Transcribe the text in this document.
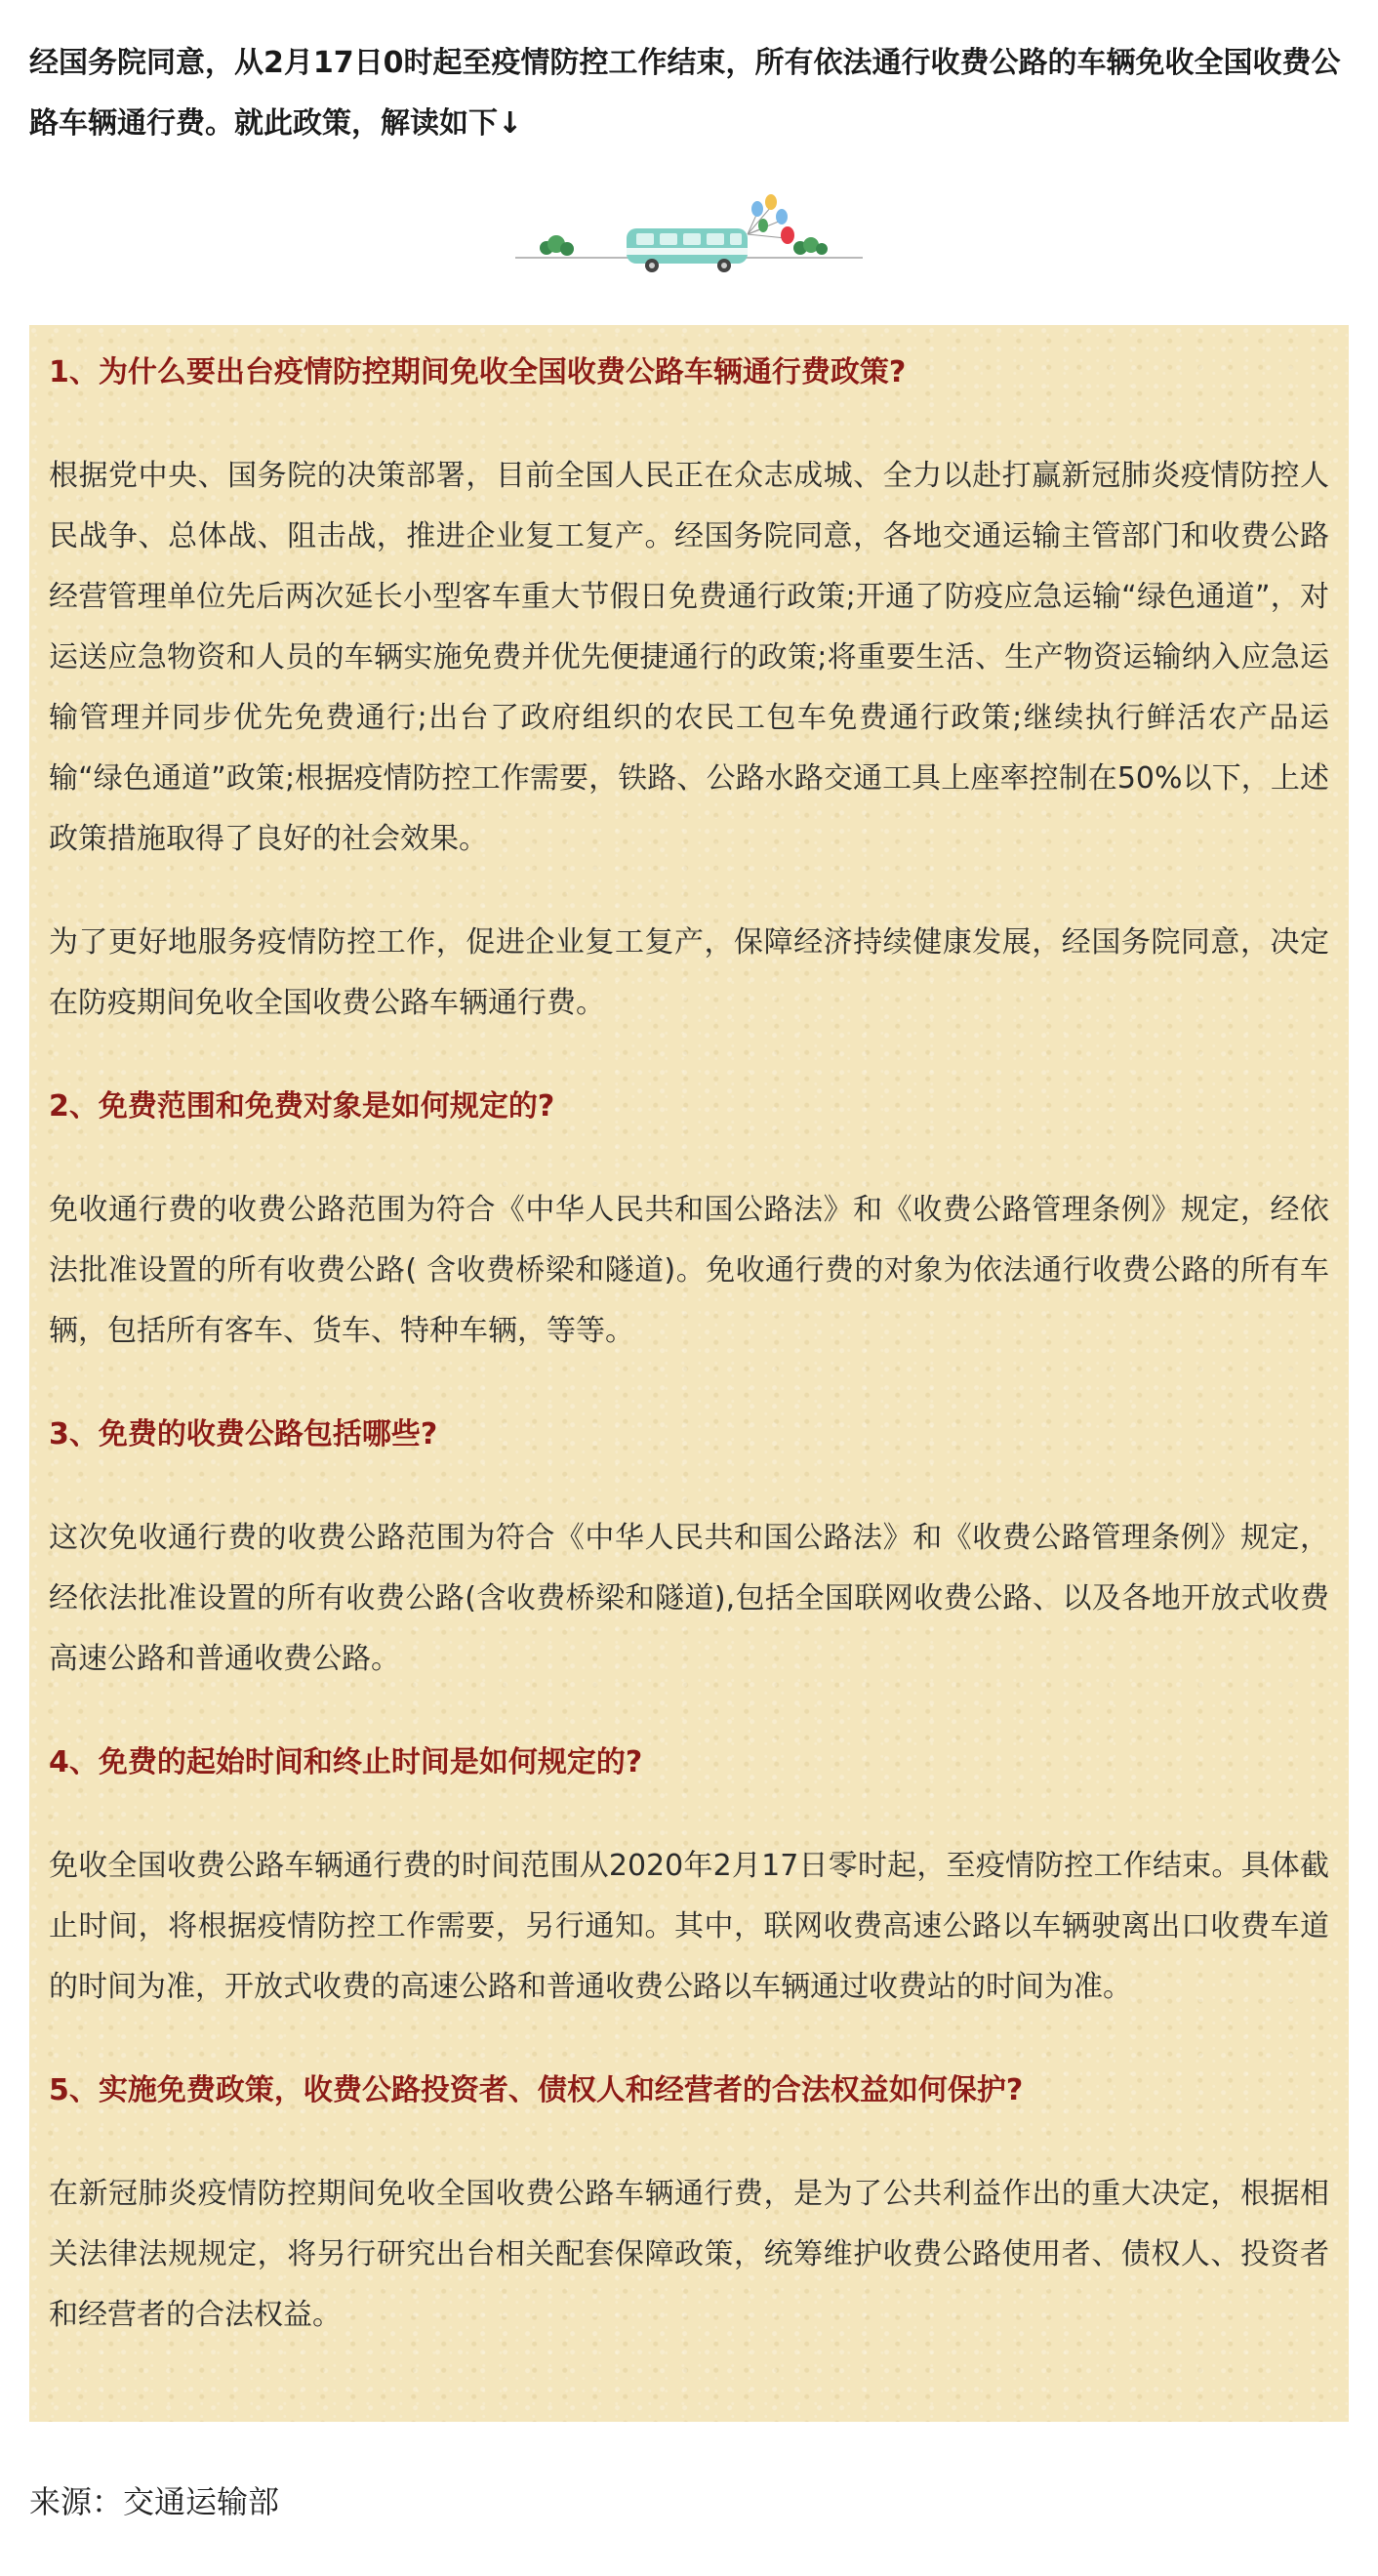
经国务院同意，从2月17日0时起至疫情防控工作结束，所有依法通行收费公路的车辆免收全国收费公路车辆通行费。就此政策，解读如下↓

1、为什么要出台疫情防控期间免收全国收费公路车辆通行费政策?

根据党中央、国务院的决策部署，目前全国人民正在众志成城、全力以赴打赢新冠肺炎疫情防控人民战争、总体战、阻击战，推进企业复工复产。经国务院同意，各地交通运输主管部门和收费公路经营管理单位先后两次延长小型客车重大节假日免费通行政策;开通了防疫应急运输“绿色通道”，对运送应急物资和人员的车辆实施免费并优先便捷通行的政策;将重要生活、生产物资运输纳入应急运输管理并同步优先免费通行;出台了政府组织的农民工包车免费通行政策;继续执行鲜活农产品运输“绿色通道”政策;根据疫情防控工作需要，铁路、公路水路交通工具上座率控制在50%以下，上述政策措施取得了良好的社会效果。

为了更好地服务疫情防控工作，促进企业复工复产，保障经济持续健康发展，经国务院同意，决定在防疫期间免收全国收费公路车辆通行费。

2、免费范围和免费对象是如何规定的?

免收通行费的收费公路范围为符合《中华人民共和国公路法》和《收费公路管理条例》规定，经依法批准设置的所有收费公路( 含收费桥梁和隧道)。免收通行费的对象为依法通行收费公路的所有车辆，包括所有客车、货车、特种车辆，等等。

3、免费的收费公路包括哪些?

这次免收通行费的收费公路范围为符合《中华人民共和国公路法》和《收费公路管理条例》规定，经依法批准设置的所有收费公路(含收费桥梁和隧道),包括全国联网收费公路、以及各地开放式收费高速公路和普通收费公路。

4、免费的起始时间和终止时间是如何规定的?

免收全国收费公路车辆通行费的时间范围从2020年2月17日零时起，至疫情防控工作结束。具体截止时间，将根据疫情防控工作需要，另行通知。其中，联网收费高速公路以车辆驶离出口收费车道的时间为准，开放式收费的高速公路和普通收费公路以车辆通过收费站的时间为准。

5、实施免费政策，收费公路投资者、债权人和经营者的合法权益如何保护?

在新冠肺炎疫情防控期间免收全国收费公路车辆通行费，是为了公共利益作出的重大决定，根据相关法律法规规定，将另行研究出台相关配套保障政策，统筹维护收费公路使用者、债权人、投资者和经营者的合法权益。

来源：交通运输部
